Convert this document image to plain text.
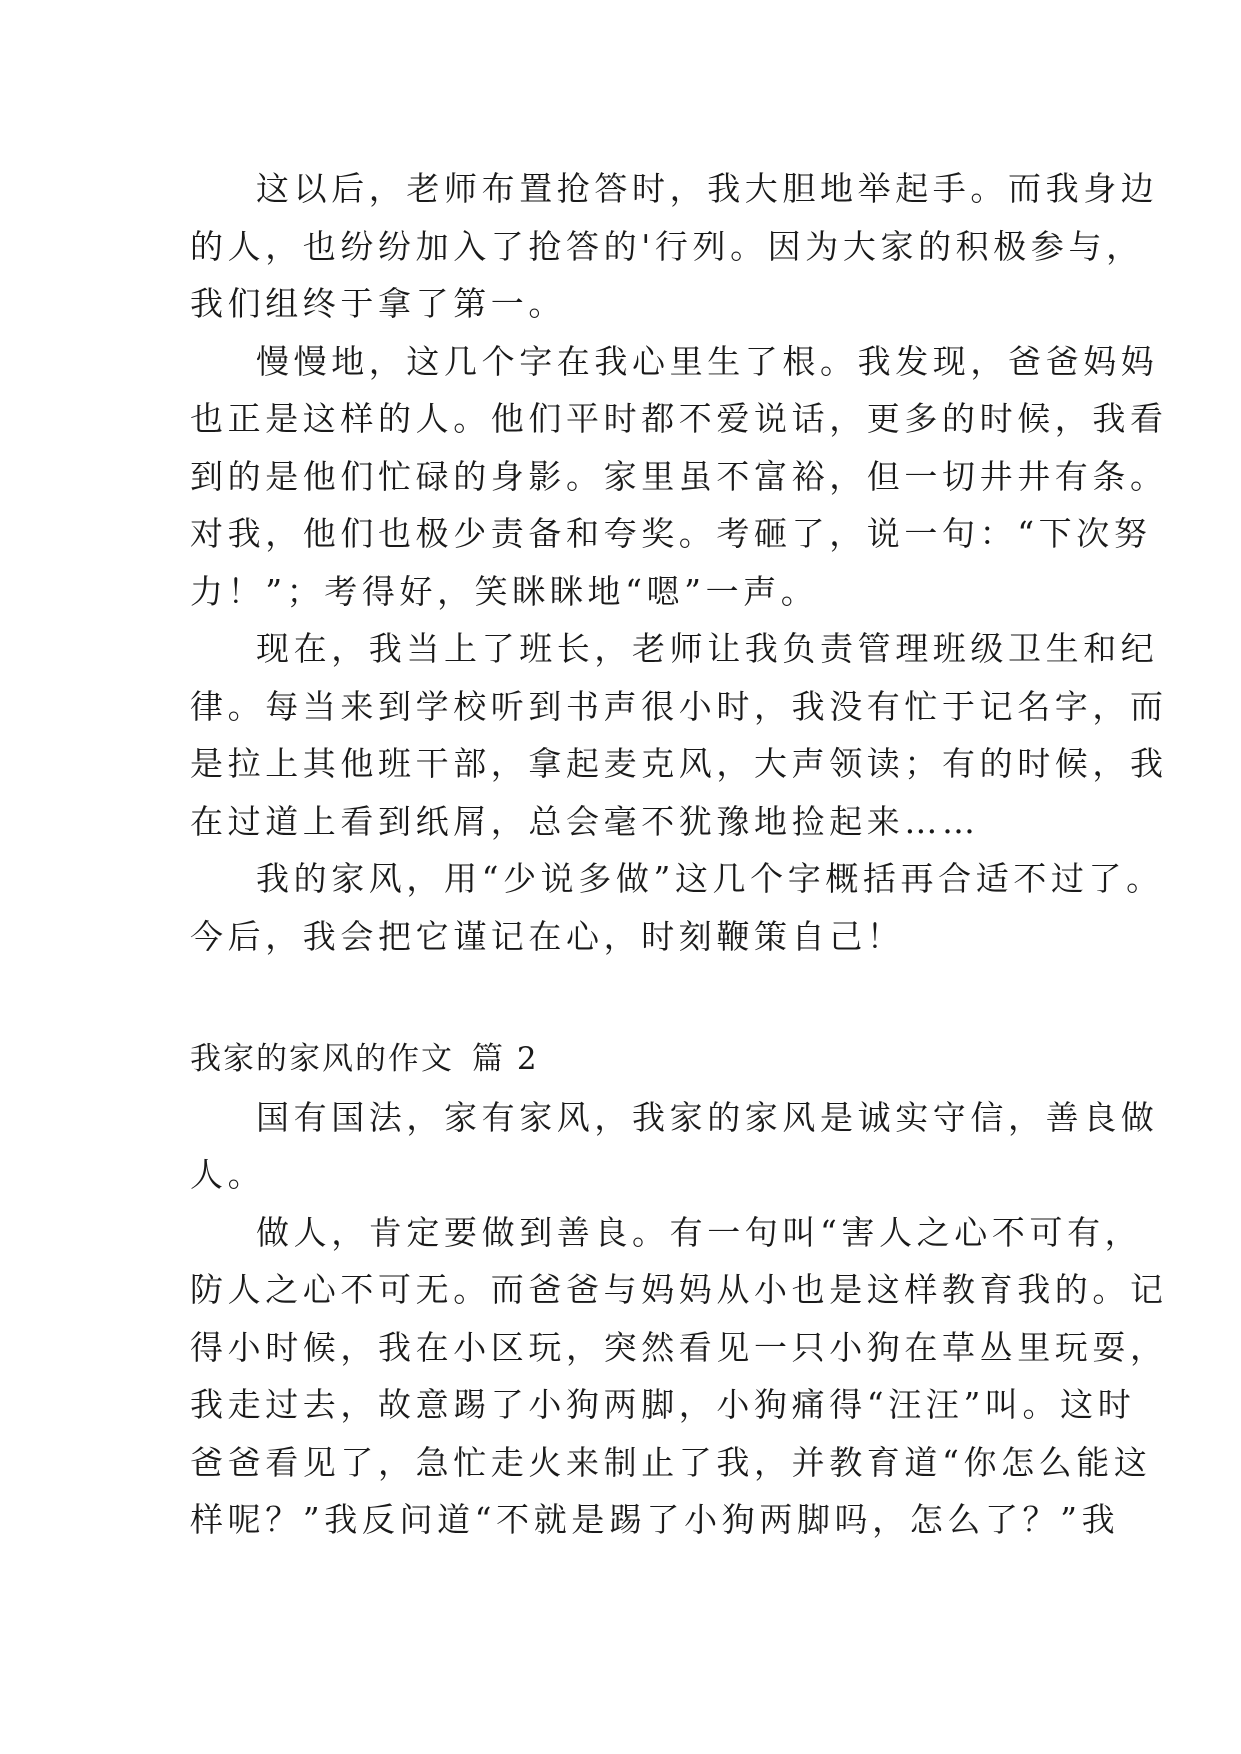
这以后，老师布置抢答时，我大胆地举起手。而我身边
的人，也纷纷加入了抢答的'行列。因为大家的积极参与，
我们组终于拿了第一。
慢慢地，这几个字在我心里生了根。我发现，爸爸妈妈
也正是这样的人。他们平时都不爱说话，更多的时候，我看
到的是他们忙碌的身影。家里虽不富裕，但一切井井有条。
对我，他们也极少责备和夸奖。考砸了，说一句：“下次努
力！”；考得好，笑眯眯地“嗯”一声。
现在，我当上了班长，老师让我负责管理班级卫生和纪
律。每当来到学校听到书声很小时，我没有忙于记名字，而
是拉上其他班干部，拿起麦克风，大声领读；有的时候，我
在过道上看到纸屑，总会毫不犹豫地捡起来……
我的家风，用“少说多做”这几个字概括再合适不过了。
今后，我会把它谨记在心，时刻鞭策自己！
我家的家风的作文 篇 2
国有国法，家有家风，我家的家风是诚实守信，善良做
人。
做人，肯定要做到善良。有一句叫“害人之心不可有，
防人之心不可无。而爸爸与妈妈从小也是这样教育我的。记
得小时候，我在小区玩，突然看见一只小狗在草丛里玩耍，
我走过去，故意踢了小狗两脚，小狗痛得“汪汪”叫。这时
爸爸看见了，急忙走火来制止了我，并教育道“你怎么能这
样呢？”我反问道“不就是踢了小狗两脚吗，怎么了？”我
